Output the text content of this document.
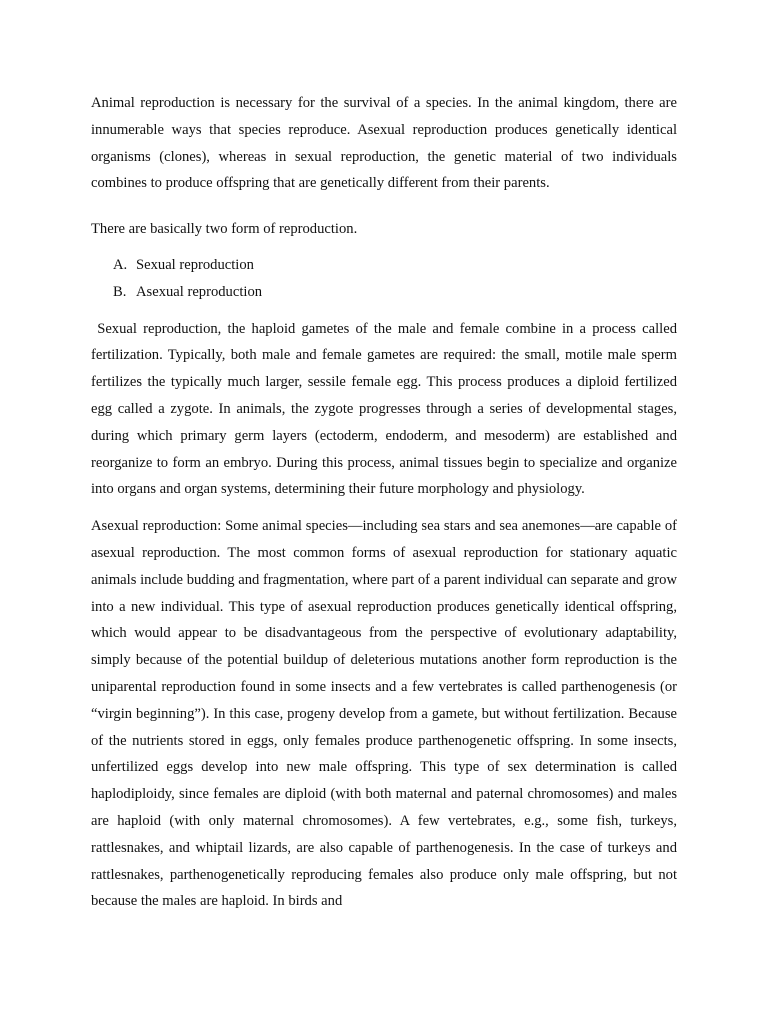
Animal reproduction is necessary for the survival of a species. In the animal kingdom, there are innumerable ways that species reproduce. Asexual reproduction produces genetically identical organisms (clones), whereas in sexual reproduction, the genetic material of two individuals combines to produce offspring that are genetically different from their parents.

There are basically two form of reproduction.

A. Sexual reproduction
B. Asexual reproduction

Sexual reproduction, the haploid gametes of the male and female combine in a process called fertilization. Typically, both male and female gametes are required: the small, motile male sperm fertilizes the typically much larger, sessile female egg. This process produces a diploid fertilized egg called a zygote. In animals, the zygote progresses through a series of developmental stages, during which primary germ layers (ectoderm, endoderm, and mesoderm) are established and reorganize to form an embryo. During this process, animal tissues begin to specialize and organize into organs and organ systems, determining their future morphology and physiology.

Asexual reproduction: Some animal species—including sea stars and sea anemones—are capable of asexual reproduction. The most common forms of asexual reproduction for stationary aquatic animals include budding and fragmentation, where part of a parent individual can separate and grow into a new individual. This type of asexual reproduction produces genetically identical offspring, which would appear to be disadvantageous from the perspective of evolutionary adaptability, simply because of the potential buildup of deleterious mutations another form reproduction is the uniparental reproduction found in some insects and a few vertebrates is called parthenogenesis (or “virgin beginning”). In this case, progeny develop from a gamete, but without fertilization. Because of the nutrients stored in eggs, only females produce parthenogenetic offspring. In some insects, unfertilized eggs develop into new male offspring. This type of sex determination is called haplodiploidy, since females are diploid (with both maternal and paternal chromosomes) and males are haploid (with only maternal chromosomes). A few vertebrates, e.g., some fish, turkeys, rattlesnakes, and whiptail lizards, are also capable of parthenogenesis. In the case of turkeys and rattlesnakes, parthenogenetically reproducing females also produce only male offspring, but not because the males are haploid. In birds and
